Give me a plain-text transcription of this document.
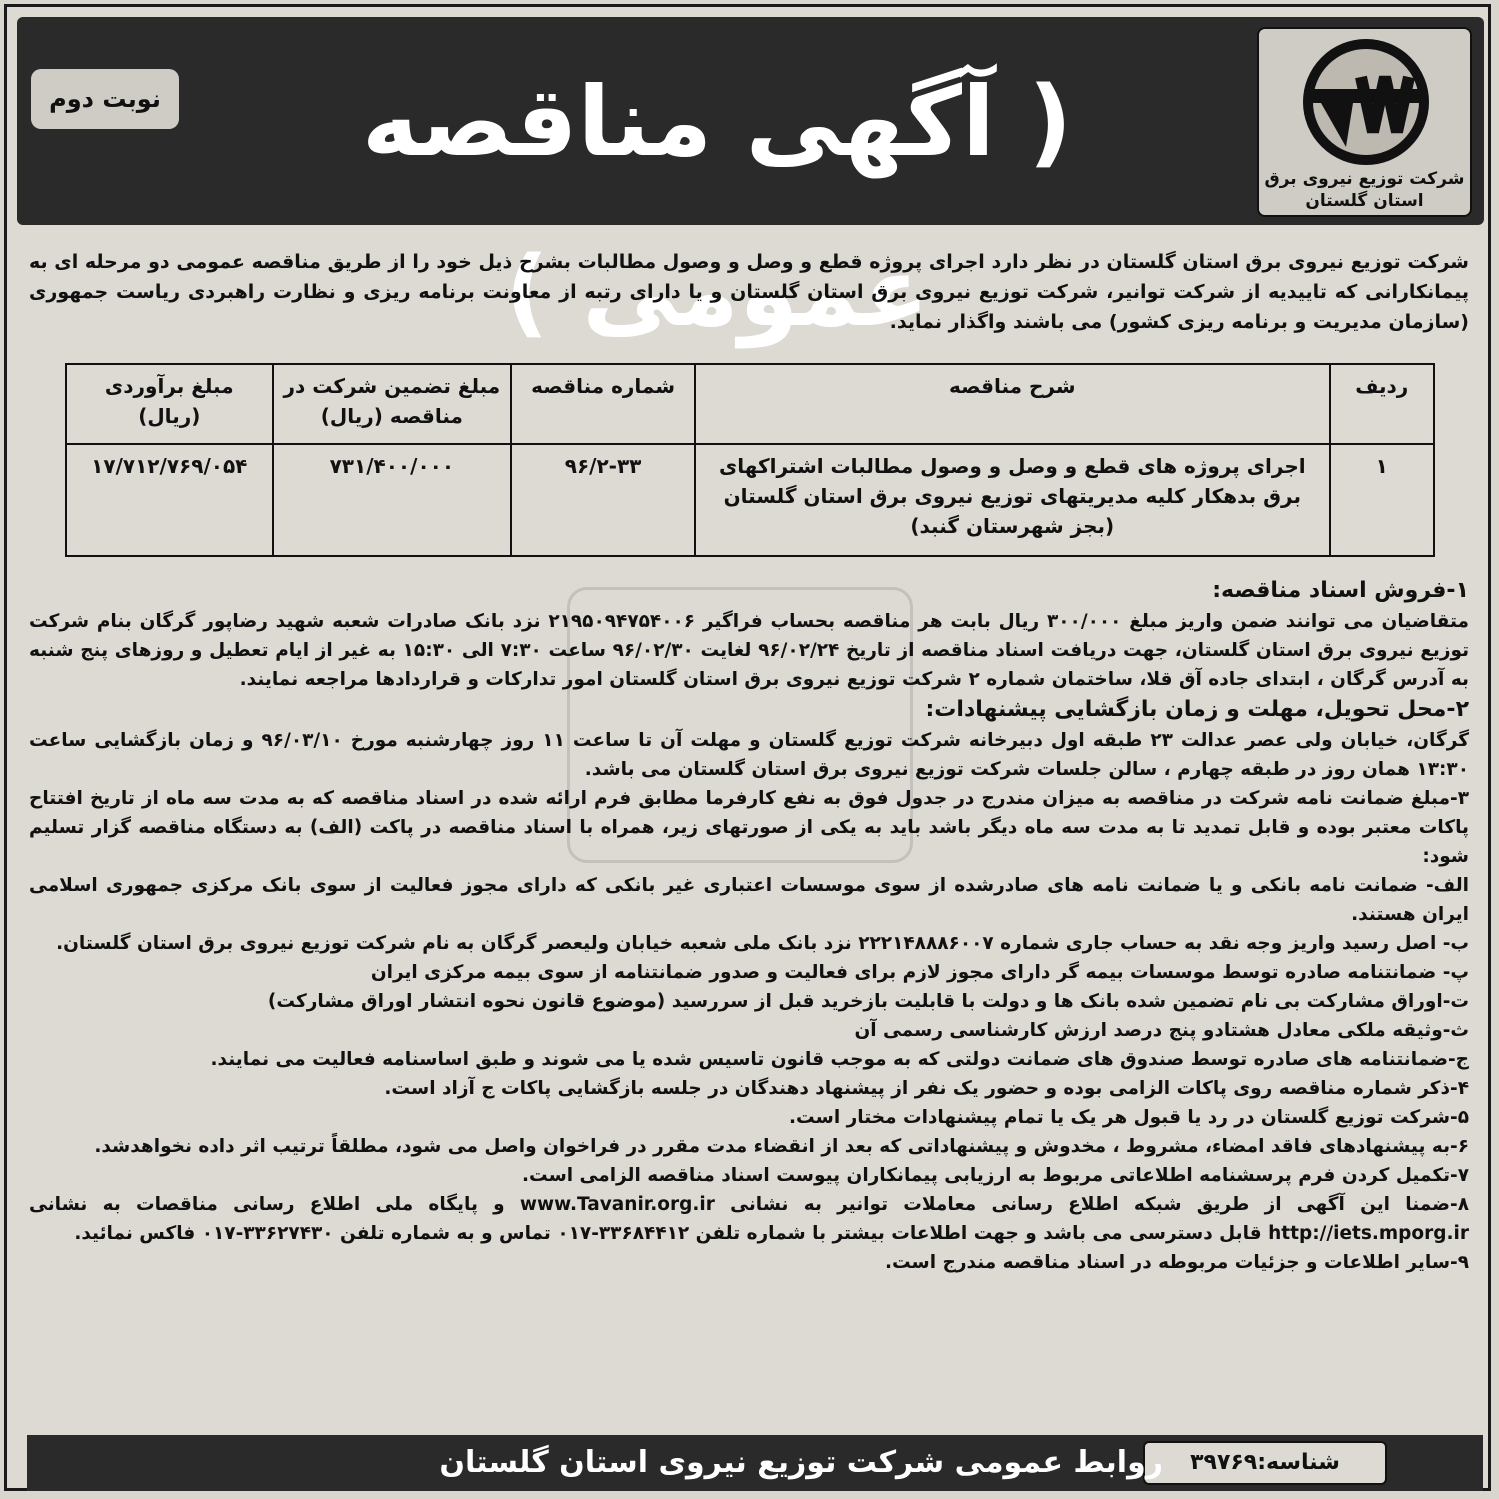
نوبت دوم	( آگهی مناقصه عمومی )
شرکت توزیع نیروی برق
استان گلستان
شرکت توزیع نیروی برق استان گلستان در نظر دارد اجرای پروژه قطع و وصل و وصول مطالبات بشرح ذیل خود را از طریق مناقصه عمومی دو مرحله ای به پیمانکارانی که تاییدیه از شرکت توانیر، شرکت توزیع نیروی برق استان گلستان و یا دارای رتبه از معاونت برنامه ریزی و نظارت راهبردی ریاست جمهوری (سازمان مدیریت و برنامه ریزی کشور) می باشند واگذار نماید.
ردیف	شرح مناقصه	شماره مناقصه	مبلغ تضمین شرکت در مناقصه (ریال)	مبلغ برآوردی (ریال)
۱	اجرای پروژه های قطع و وصل و وصول مطالبات اشتراکهای برق بدهکار کلیه مدیریتهای توزیع نیروی برق استان گلستان (بجز شهرستان گنبد)	۹۶/۲-۳۳	۷۳۱/۴۰۰/۰۰۰	۱۷/۷۱۲/۷۶۹/۰۵۴

۱-فروش اسناد مناقصه:

متقاضیان می توانند ضمن واریز مبلغ ۳۰۰/۰۰۰ ریال بابت هر مناقصه بحساب فراگیر ۲۱۹۵۰۹۴۷۵۴۰۰۶ نزد بانک صادرات شعبه شهید رضاپور گرگان بنام شرکت توزیع نیروی برق استان گلستان، جهت دریافت اسناد مناقصه از تاریخ ۹۶/۰۲/۲۴ لغایت ۹۶/۰۲/۳۰ ساعت ۷:۳۰ الی ۱۵:۳۰ به غیر از ایام تعطیل و روزهای پنج شنبه به آدرس گرگان ، ابتدای جاده آق قلا، ساختمان شماره ۲ شرکت توزیع نیروی برق استان گلستان امور تدارکات و قراردادها مراجعه نمایند.

۲-محل تحویل، مهلت و زمان بازگشایی پیشنهادات:

گرگان، خیابان ولی عصر عدالت ۲۳ طبقه اول دبیرخانه شرکت توزیع گلستان و مهلت آن تا ساعت ۱۱ روز چهارشنبه مورخ ۹۶/۰۳/۱۰ و زمان بازگشایی ساعت ۱۳:۳۰ همان روز در طبقه چهارم ، سالن جلسات شرکت توزیع نیروی برق استان گلستان می باشد.

۳-مبلغ ضمانت نامه شرکت در مناقصه به میزان مندرج در جدول فوق به نفع کارفرما مطابق فرم ارائه شده در اسناد مناقصه که به مدت سه ماه از تاریخ افتتاح پاکات معتبر بوده و قابل تمدید تا به مدت سه ماه دیگر باشد باید به یکی از صورتهای زیر، همراه با اسناد مناقصه در پاکت (الف) به دستگاه مناقصه گزار تسلیم شود:

الف- ضمانت نامه بانکی و یا ضمانت نامه های صادرشده از سوی موسسات اعتباری غیر بانکی که دارای مجوز فعالیت از سوی بانک مرکزی جمهوری اسلامی ایران هستند.

ب- اصل رسید واریز وجه نقد به حساب جاری شماره ۲۲۲۱۴۸۸۸۶۰۰۷ نزد بانک ملی شعبه خیابان ولیعصر گرگان به نام شرکت توزیع نیروی برق استان گلستان.

پ- ضمانتنامه صادره توسط موسسات بیمه گر دارای مجوز لازم برای فعالیت و صدور ضمانتنامه از سوی بیمه مرکزی ایران

ت-اوراق مشارکت بی نام تضمین شده بانک ها و دولت با قابلیت بازخرید قبل از سررسید (موضوع قانون نحوه انتشار اوراق مشارکت)

ث-وثیقه ملکی معادل هشتادو پنج درصد ارزش کارشناسی رسمی آن

ج-ضمانتنامه های صادره توسط صندوق های ضمانت دولتی که به موجب قانون تاسیس شده یا می شوند و طبق اساسنامه فعالیت می نمایند.

۴-ذکر شماره مناقصه روی پاکات الزامی بوده و حضور یک نفر از پیشنهاد دهندگان در جلسه بازگشایی پاکات ج آزاد است.

۵-شرکت توزیع گلستان در رد یا قبول هر یک یا تمام پیشنهادات مختار است.

۶-به پیشنهادهای فاقد امضاء، مشروط ، مخدوش و پیشنهاداتی که بعد از انقضاء مدت مقرر در فراخوان واصل می شود، مطلقاً ترتیب اثر داده نخواهدشد.

۷-تکمیل کردن فرم پرسشنامه اطلاعاتی مربوط به ارزیابی پیمانکاران پیوست اسناد مناقصه الزامی است.

۸-ضمنا این آگهی از طریق شبکه اطلاع رسانی معاملات توانیر به نشانی www.Tavanir.org.ir و پایگاه ملی اطلاع رسانی مناقصات به نشانی http://iets.mporg.ir قابل دسترسی می باشد و جهت اطلاعات بیشتر با شماره تلفن ۳۳۶۸۴۴۱۲-۰۱۷ تماس و به شماره تلفن ۳۳۶۲۷۴۳۰-۰۱۷ فاکس نمائید.

۹-سایر اطلاعات و جزئیات مربوطه در اسناد مناقصه مندرج است.

شناسه:۳۹۷۶۹
روابط عمومی شرکت توزیع نیروی استان گلستان
